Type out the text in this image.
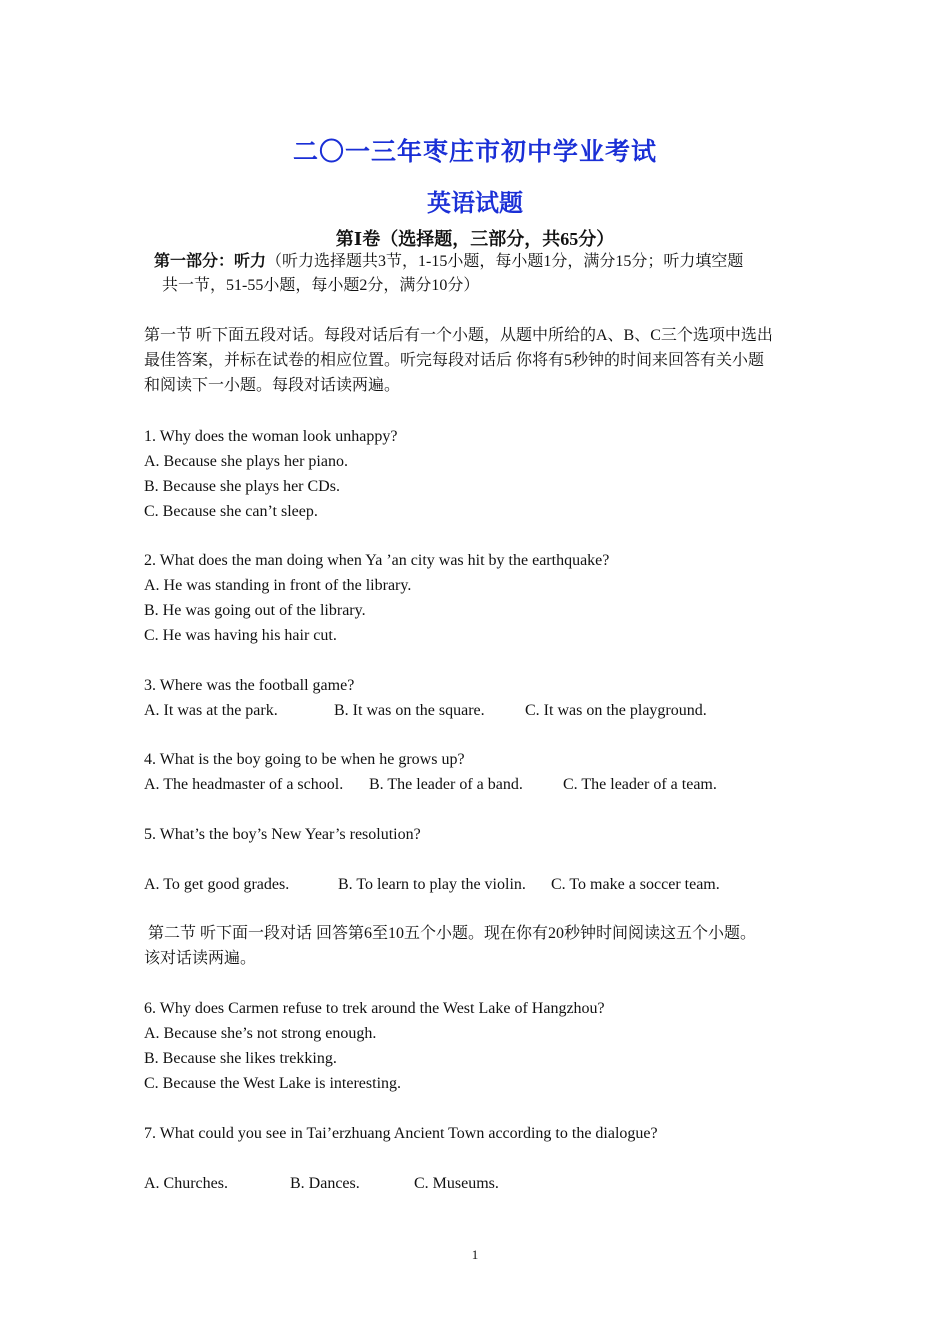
二〇一三年枣庄市初中学业考试
英语试题
第Ⅰ卷（选择题，三部分，共65分）
第一部分：听力（听力选择题共3节，1-15小题，每小题1分，满分15分；听力填空题
共一节，51-55小题，每小题2分，满分10分）
第一节 听下面五段对话。每段对话后有一个小题，从题中所给的A、B、C三个选项中选出
最佳答案，并标在试卷的相应位置。听完每段对话后 你将有5秒钟的时间来回答有关小题
和阅读下一小题。每段对话读两遍。
1. Why does the woman look unhappy?
A. Because she plays her piano.
B. Because she plays her CDs.
C. Because she can’t sleep.
2. What does the man doing when Ya ’an city was hit by the earthquake?
A. He was standing in front of the library.
B. He was going out of the library.
C. He was having his hair cut.
3. Where was the football game?
A. It was at the park.	B. It was on the square.	C. It was on the playground.
4. What is the boy going to be when he grows up?
A. The headmaster of a school. B. The leader of a band.	C. The leader of a team.
5. What’s the boy’s New Year’s resolution?
A. To get good grades.	B. To learn to play the violin. C. To make a soccer team.
第二节 听下面一段对话 回答第6至10五个小题。现在你有20秒钟时间阅读这五个小题。
该对话读两遍。
6. Why does Carmen refuse to trek around the West Lake of Hangzhou?
A. Because she’s not strong enough.
B. Because she likes trekking.
C. Because the West Lake is interesting.
7. What could you see in Tai’erzhuang Ancient Town according to the dialogue?
A. Churches.	B. Dances.	C. Museums.
1
